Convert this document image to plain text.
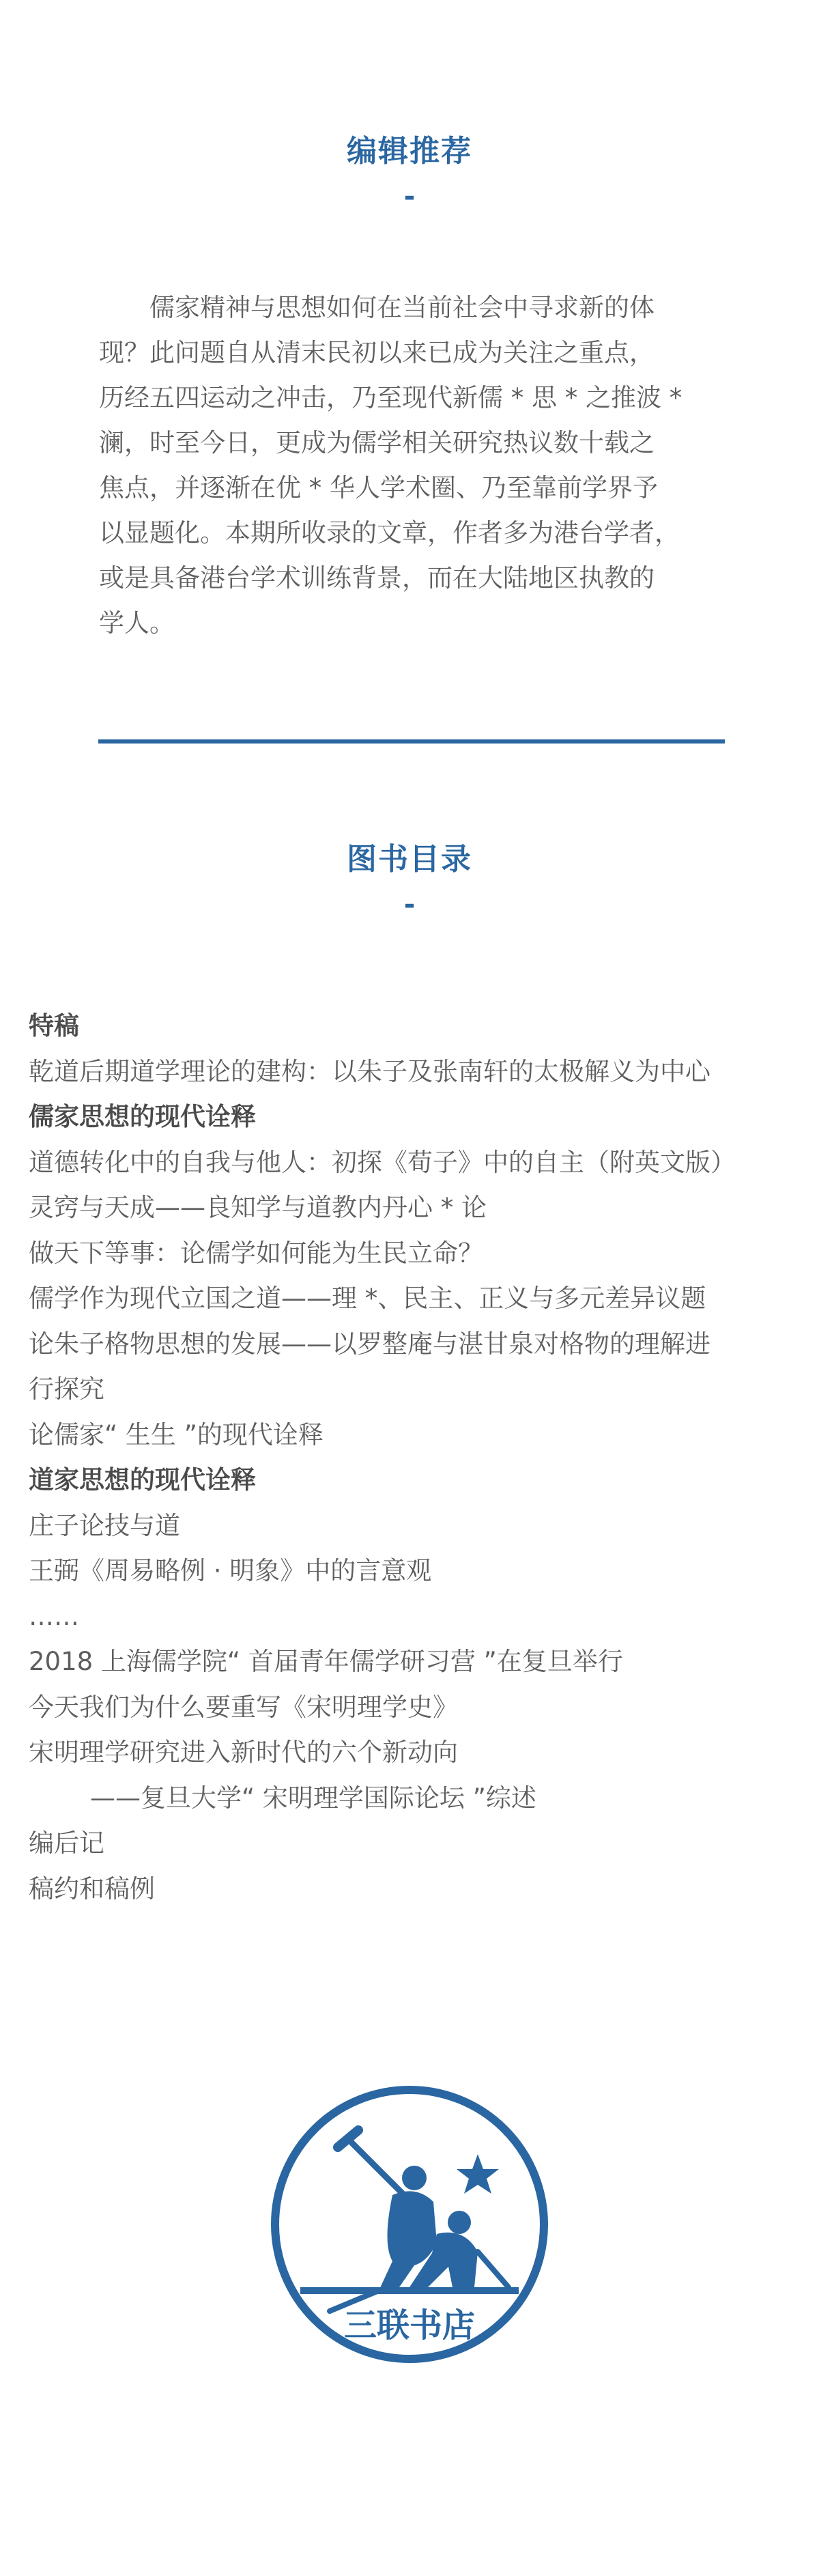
编辑推荐
-

儒家精神与思想如何在当前社会中寻求新的体
现？此问题自从清末民初以来已成为关注之重点，
历经五四运动之冲击，乃至现代新儒 * 思 * 之推波 *
澜，时至今日，更成为儒学相关研究热议数十载之
焦点，并逐渐在优 * 华人学术圈、乃至靠前学界予
以显题化。本期所收录的文章，作者多为港台学者，
或是具备港台学术训练背景，而在大陆地区执教的
学人。

图书目录
-
特稿
乾道后期道学理论的建构：以朱子及张南轩的太极解义为中心
儒家思想的现代诠释
道德转化中的自我与他人：初探《荀子》中的自主（附英文版）
灵窍与天成——良知学与道教内丹心 * 论
做天下等事：论儒学如何能为生民立命？
儒学作为现代立国之道——理 *、民主、正义与多元差异议题
论朱子格物思想的发展——以罗整庵与湛甘泉对格物的理解进
行探究
论儒家“ 生生 ”的现代诠释
道家思想的现代诠释
庄子论技与道
王弼《周易略例 · 明象》中的言意观
……
2018 上海儒学院“ 首届青年儒学研习营 ”在复旦举行
今天我们为什么要重写《宋明理学史》
宋明理学研究进入新时代的六个新动向
——复旦大学“ 宋明理学国际论坛 ”综述
编后记
稿约和稿例
三联书店
